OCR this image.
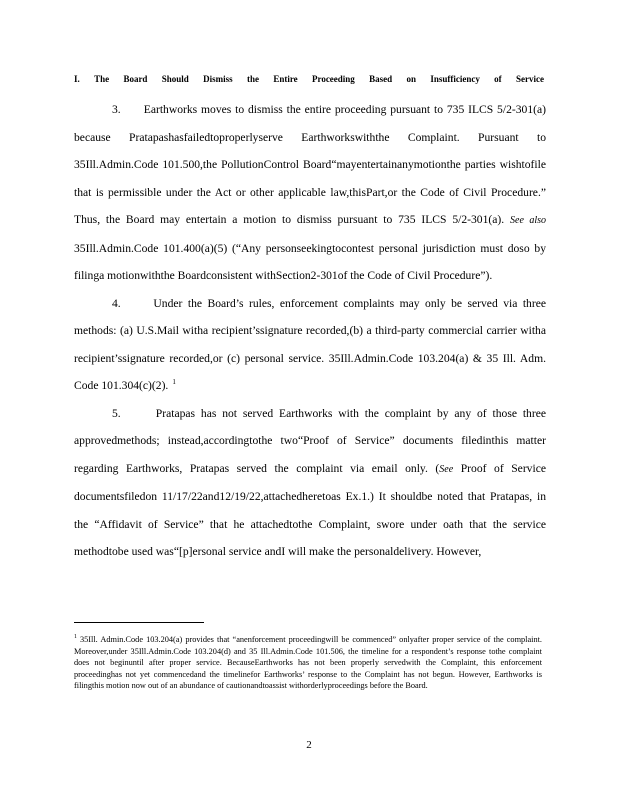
I. The Board Should Dismiss the Entire Proceeding Based on Insufficiency of Service

3.      Earthworks moves to dismiss the entire proceeding pursuant to 735 ILCS 5/2-301(a) because Pratapashasfailedtoproperlyserve Earthworkswiththe Complaint. Pursuant to 35Ill.Admin.Code 101.500,the PollutionControl Board“mayentertainanymotionthe parties wishtofile that is permissible under the Act or other applicable law,thisPart,or the Code of Civil Procedure.” Thus, the Board may entertain a motion to dismiss pursuant to 735 ILCS 5/2-301(a). See also 35Ill.Admin.Code 101.400(a)(5) (“Any personseekingtocontest personal jurisdiction must doso by filinga motionwiththe Boardconsistent withSection2-301of the Code of Civil Procedure”).

4.      Under the Board’s rules, enforcement complaints may only be served via three methods: (a) U.S.Mail witha recipient’ssignature recorded,(b) a third-party commercial carrier witha recipient’ssignature recorded,or (c) personal service. 35Ill.Admin.Code 103.204(a) & 35 Ill. Adm. Code 101.304(c)(2). $^1$

5.      Pratapas has not served Earthworks with the complaint by any of those three approvedmethods; instead,accordingtothe two“Proof of Service” documents filedinthis matter regarding Earthworks, Pratapas served the complaint via email only. (See Proof of Service documentsfiledon 11/17/22and12/19/22,attachedheretoas Ex.1.) It shouldbe noted that Pratapas, in the “Affidavit of Service” that he attachedtothe Complaint, swore under oath that the service methodtobe used was“[p]ersonal service andI will make the personaldelivery. However,

$^1$ 35Ill. Admin.Code 103.204(a) provides that “anenforcement proceedingwill be commenced” onlyafter proper service of the complaint. Moreover,under 35Ill.Admin.Code 103.204(d) and 35 Ill.Admin.Code 101.506, the timeline for a respondent’s response tothe complaint does not beginuntil after proper service. BecauseEarthworks has not been properly servedwith the Complaint, this enforcement proceedinghas not yet commencedand the timelinefor Earthworks’ response to the Complaint has not begun. However, Earthworks is filingthis motion now out of an abundance of cautionandtoassist withorderlyproceedings before the Board.
2
